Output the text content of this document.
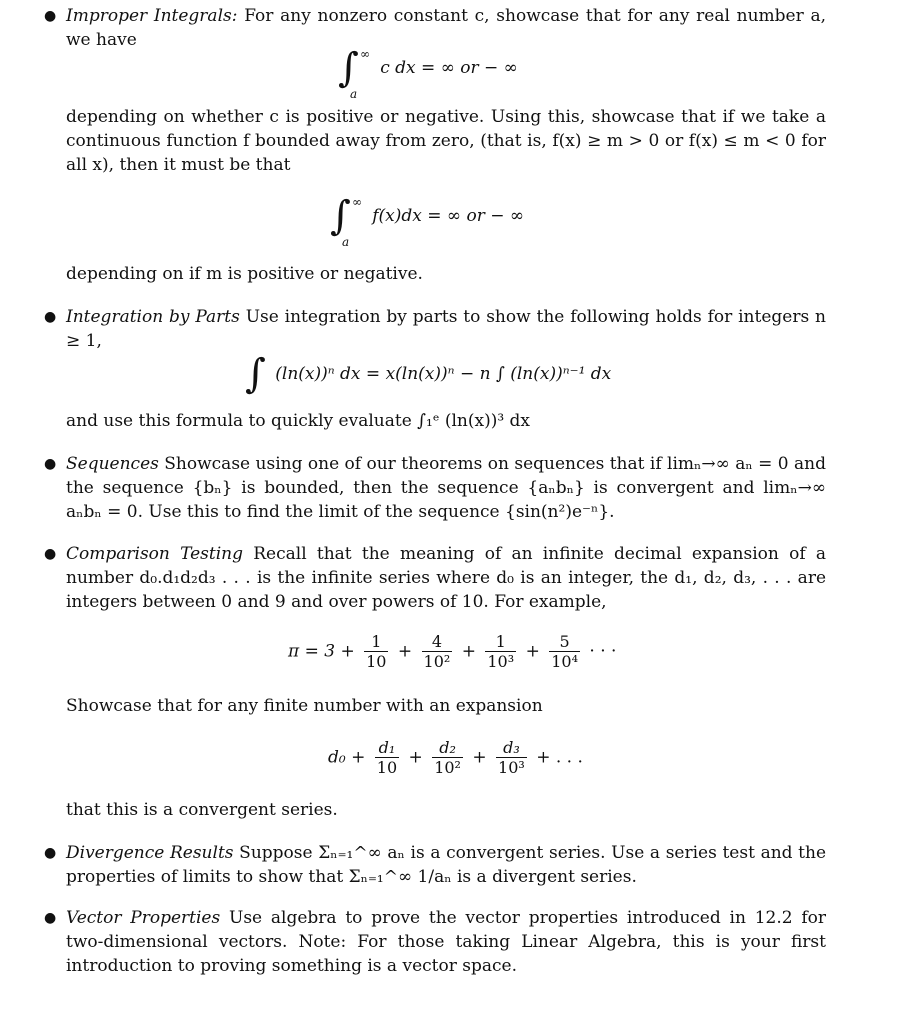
● Improper Integrals: For any nonzero constant c, showcase that for any real number a, we have
∫ ∞
a
c dx = ∞ or − ∞
depending on whether c is positive or negative. Using this, showcase that if we take a continuous function f bounded away from zero, (that is, f(x) ≥ m > 0 or f(x) ≤ m < 0 for all x), then it must be that
∫ ∞
a
f(x)dx = ∞ or − ∞
depending on if m is positive or negative.
● Integration by Parts Use integration by parts to show the following holds for integers n ≥ 1,
∫ (ln(x))ⁿ dx = x(ln(x))ⁿ − n ∫ (ln(x))ⁿ⁻¹ dx
and use this formula to quickly evaluate ∫₁ᵉ (ln(x))³ dx
● Sequences Showcase using one of our theorems on sequences that if limₙ→∞ aₙ = 0 and the sequence {bₙ} is bounded, then the sequence {aₙbₙ} is convergent and limₙ→∞ aₙbₙ = 0. Use this to find the limit of the sequence {sin(n²)e⁻ⁿ}.
● Comparison Testing Recall that the meaning of an infinite decimal expansion of a number d₀.d₁d₂d₃ . . . is the infinite series where d₀ is an integer, the d₁, d₂, d₃, . . . are integers between 0 and 9 and over powers of 10. For example,
$\pi = 3 + \frac{1}{10} + \frac{4}{\text{10²}} + \frac{1}{\text{10³}} + \frac{5}{\text{10⁴}}$ · · ·
Showcase that for any finite number with an expansion
$d_0 + \frac{\text{d₁}}{10} + \frac{\text{d₂}}{\text{10²}} + \frac{\text{d₃}}{\text{10³}}$ + . . .
that this is a convergent series.
● Divergence Results Suppose Σₙ₌₁^∞ aₙ is a convergent series. Use a series test and the properties of limits to show that Σₙ₌₁^∞ 1/aₙ is a divergent series.
● Vector Properties Use algebra to prove the vector properties introduced in 12.2 for two-dimensional vectors. Note: For those taking Linear Algebra, this is your first introduction to proving something is a vector space.
